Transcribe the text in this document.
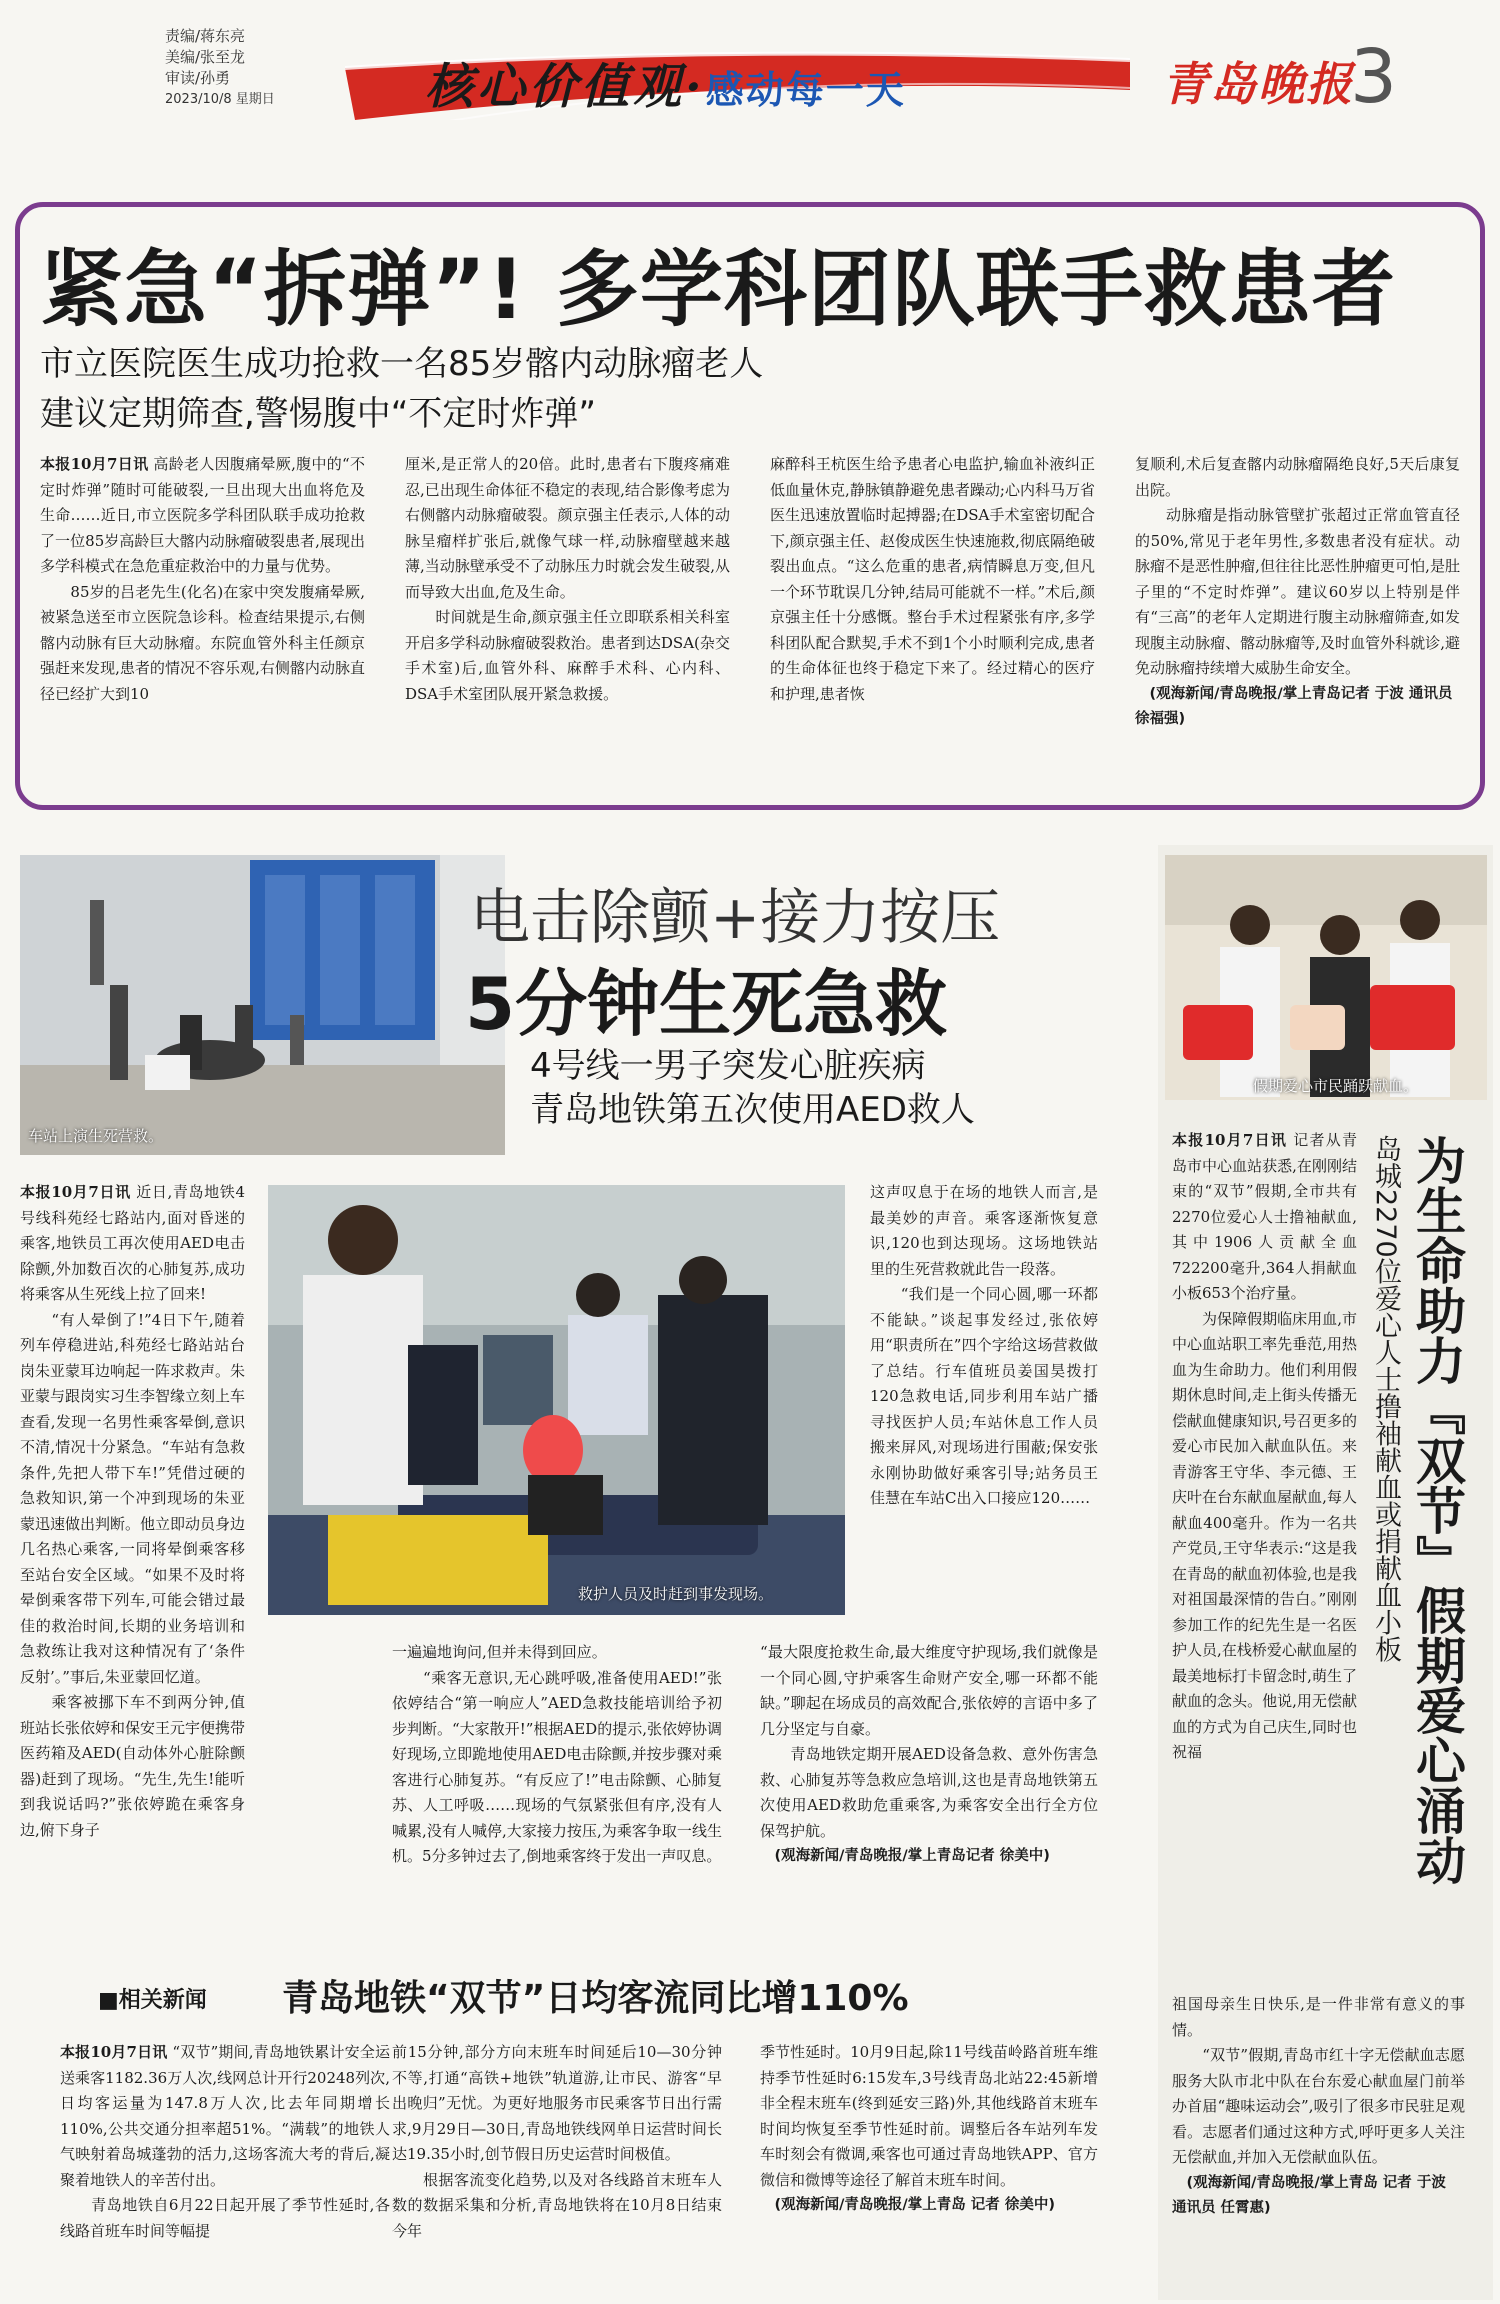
责编/蒋东亮
美编/张至龙
审读/孙勇
2023/10/8 星期日	核心价值观·感动每一天	青岛晚报
3
紧急“拆弹”! 多学科团队联手救患者
市立医院医生成功抢救一名85岁髂内动脉瘤老人
建议定期筛查,警惕腹中“不定时炸弹”

本报10月7日讯 高龄老人因腹痛晕厥,腹中的“不定时炸弹”随时可能破裂,一旦出现大出血将危及生命……近日,市立医院多学科团队联手成功抢救了一位85岁高龄巨大髂内动脉瘤破裂患者,展现出多学科模式在急危重症救治中的力量与优势。
　　85岁的吕老先生(化名)在家中突发腹痛晕厥,被紧急送至市立医院急诊科。检查结果提示,右侧髂内动脉有巨大动脉瘤。东院血管外科主任颜京强赶来发现,患者的情况不容乐观,右侧髂内动脉直径已经扩大到10

厘米,是正常人的20倍。此时,患者右下腹疼痛难忍,已出现生命体征不稳定的表现,结合影像考虑为右侧髂内动脉瘤破裂。颜京强主任表示,人体的动脉呈瘤样扩张后,就像气球一样,动脉瘤壁越来越薄,当动脉壁承受不了动脉压力时就会发生破裂,从而导致大出血,危及生命。
　　时间就是生命,颜京强主任立即联系相关科室开启多学科动脉瘤破裂救治。患者到达DSA(杂交手术室)后,血管外科、麻醉手术科、心内科、DSA手术室团队展开紧急救援。

麻醉科王杭医生给予患者心电监护,输血补液纠正低血量休克,静脉镇静避免患者躁动;心内科马万省医生迅速放置临时起搏器;在DSA手术室密切配合下,颜京强主任、赵俊成医生快速施救,彻底隔绝破裂出血点。“这么危重的患者,病情瞬息万变,但凡一个环节耽误几分钟,结局可能就不一样。”术后,颜京强主任十分感慨。整台手术过程紧张有序,多学科团队配合默契,手术不到1个小时顺利完成,患者的生命体征也终于稳定下来了。经过精心的医疗和护理,患者恢

复顺利,术后复查髂内动脉瘤隔绝良好,5天后康复出院。
　　动脉瘤是指动脉管壁扩张超过正常血管直径的50%,常见于老年男性,多数患者没有症状。动脉瘤不是恶性肿瘤,但往往比恶性肿瘤更可怕,是肚子里的“不定时炸弹”。建议60岁以上特别是伴有“三高”的老年人定期进行腹主动脉瘤筛查,如发现腹主动脉瘤、髂动脉瘤等,及时血管外科就诊,避免动脉瘤持续增大威胁生命安全。

　(观海新闻/青岛晚报/掌上青岛记者 于波 通讯员 徐福强)

车站上演生死营救。
电击除颤+接力按压
5分钟生死急救
4号线一男子突发心脏疾病
青岛地铁第五次使用AED救人

本报10月7日讯 近日,青岛地铁4号线科苑经七路站内,面对昏迷的乘客,地铁员工再次使用AED电击除颤,外加数百次的心肺复苏,成功将乘客从生死线上拉了回来!
　　“有人晕倒了!”4日下午,随着列车停稳进站,科苑经七路站站台岗朱亚蒙耳边响起一阵求救声。朱亚蒙与跟岗实习生李智缘立刻上车查看,发现一名男性乘客晕倒,意识不清,情况十分紧急。“车站有急救条件,先把人带下车!”凭借过硬的急救知识,第一个冲到现场的朱亚蒙迅速做出判断。他立即动员身边几名热心乘客,一同将晕倒乘客移至站台安全区域。“如果不及时将晕倒乘客带下列车,可能会错过最佳的救治时间,长期的业务培训和急救练让我对这种情况有了‘条件反射’。”事后,朱亚蒙回忆道。
　　乘客被挪下车不到两分钟,值班站长张依婷和保安王元宇便携带医药箱及AED(自动体外心脏除颤器)赶到了现场。“先生,先生!能听到我说话吗?”张依婷跪在乘客身边,俯下身子

救护人员及时赶到事发现场。

这声叹息于在场的地铁人而言,是最美妙的声音。乘客逐渐恢复意识,120也到达现场。这场地铁站里的生死营救就此告一段落。
　　“我们是一个同心圆,哪一环都不能缺。”谈起事发经过,张依婷用“职责所在”四个字给这场营救做了总结。行车值班员姜国昊拨打120急救电话,同步利用车站广播寻找医护人员;车站休息工作人员搬来屏风,对现场进行围蔽;保安张永刚协助做好乘客引导;站务员王佳慧在车站C出入口接应120……

一遍遍地询问,但并未得到回应。
　　“乘客无意识,无心跳呼吸,准备使用AED!”张依婷结合“第一响应人”AED急救技能培训给予初步判断。“大家散开!”根据AED的提示,张依婷协调好现场,立即跪地使用AED电击除颤,并按步骤对乘客进行心肺复苏。“有反应了!”电击除颤、心肺复苏、人工呼吸……现场的气氛紧张但有序,没有人喊累,没有人喊停,大家接力按压,为乘客争取一线生机。5分多钟过去了,倒地乘客终于发出一声叹息。

“最大限度抢救生命,最大维度守护现场,我们就像是一个同心圆,守护乘客生命财产安全,哪一环都不能缺。”聊起在场成员的高效配合,张依婷的言语中多了几分坚定与自豪。
　　青岛地铁定期开展AED设备急救、意外伤害急救、心肺复苏等急救应急培训,这也是青岛地铁第五次使用AED救助危重乘客,为乘客安全出行全方位保驾护航。

　(观海新闻/青岛晚报/掌上青岛记者 徐美中)

假期爱心市民踊跃献血。
为生命助力『双节』假期爱心涌动
岛城2270位爱心人士撸袖献血或捐献血小板

本报10月7日讯 记者从青岛市中心血站获悉,在刚刚结束的“双节”假期,全市共有2270位爱心人士撸袖献血,其中1906人贡献全血722200毫升,364人捐献血小板653个治疗量。
　　为保障假期临床用血,市中心血站职工率先垂范,用热血为生命助力。他们利用假期休息时间,走上街头传播无偿献血健康知识,号召更多的爱心市民加入献血队伍。来青游客王守华、李元德、王庆叶在台东献血屋献血,每人献血400毫升。作为一名共产党员,王守华表示:“这是我在青岛的献血初体验,也是我对祖国最深情的告白。”刚刚参加工作的纪先生是一名医护人员,在栈桥爱心献血屋的最美地标打卡留念时,萌生了献血的念头。他说,用无偿献血的方式为自己庆生,同时也祝福

祖国母亲生日快乐,是一件非常有意义的事情。
　　“双节”假期,青岛市红十字无偿献血志愿服务大队市北中队在台东爱心献血屋门前举办首届“趣味运动会”,吸引了很多市民驻足观看。志愿者们通过这种方式,呼吁更多人关注无偿献血,并加入无偿献血队伍。

　(观海新闻/青岛晚报/掌上青岛 记者 于波 通讯员 任霄惠)

■相关新闻 青岛地铁“双节”日均客流同比增110%

本报10月7日讯 “双节”期间,青岛地铁累计安全运送乘客1182.36万人次,线网总计开行20248列次,日均客运量为147.8万人次,比去年同期增长110%,公共交通分担率超51%。“满载”的地铁人气映射着岛城蓬勃的活力,这场客流大考的背后,凝聚着地铁人的辛苦付出。
　　青岛地铁自6月22日起开展了季节性延时,各线路首班车时间等幅提

前15分钟,部分方向末班车时间延后10—30分钟不等,打通“高铁+地铁”轨道游,让市民、游客“早出晚归”无忧。为更好地服务市民乘客节日出行需求,9月29日—30日,青岛地铁线网单日运营时间长达19.35小时,创节假日历史运营时间极值。
　　根据客流变化趋势,以及对各线路首末班车人数的数据采集和分析,青岛地铁将在10月8日结束今年

季节性延时。10月9日起,除11号线苗岭路首班车维持季节性延时6:15发车,3号线青岛北站22:45新增非全程末班车(终到延安三路)外,其他线路首末班车时间均恢复至季节性延时前。调整后各车站列车发车时刻会有微调,乘客也可通过青岛地铁APP、官方微信和微博等途径了解首末班车时间。

　(观海新闻/青岛晚报/掌上青岛 记者 徐美中)
